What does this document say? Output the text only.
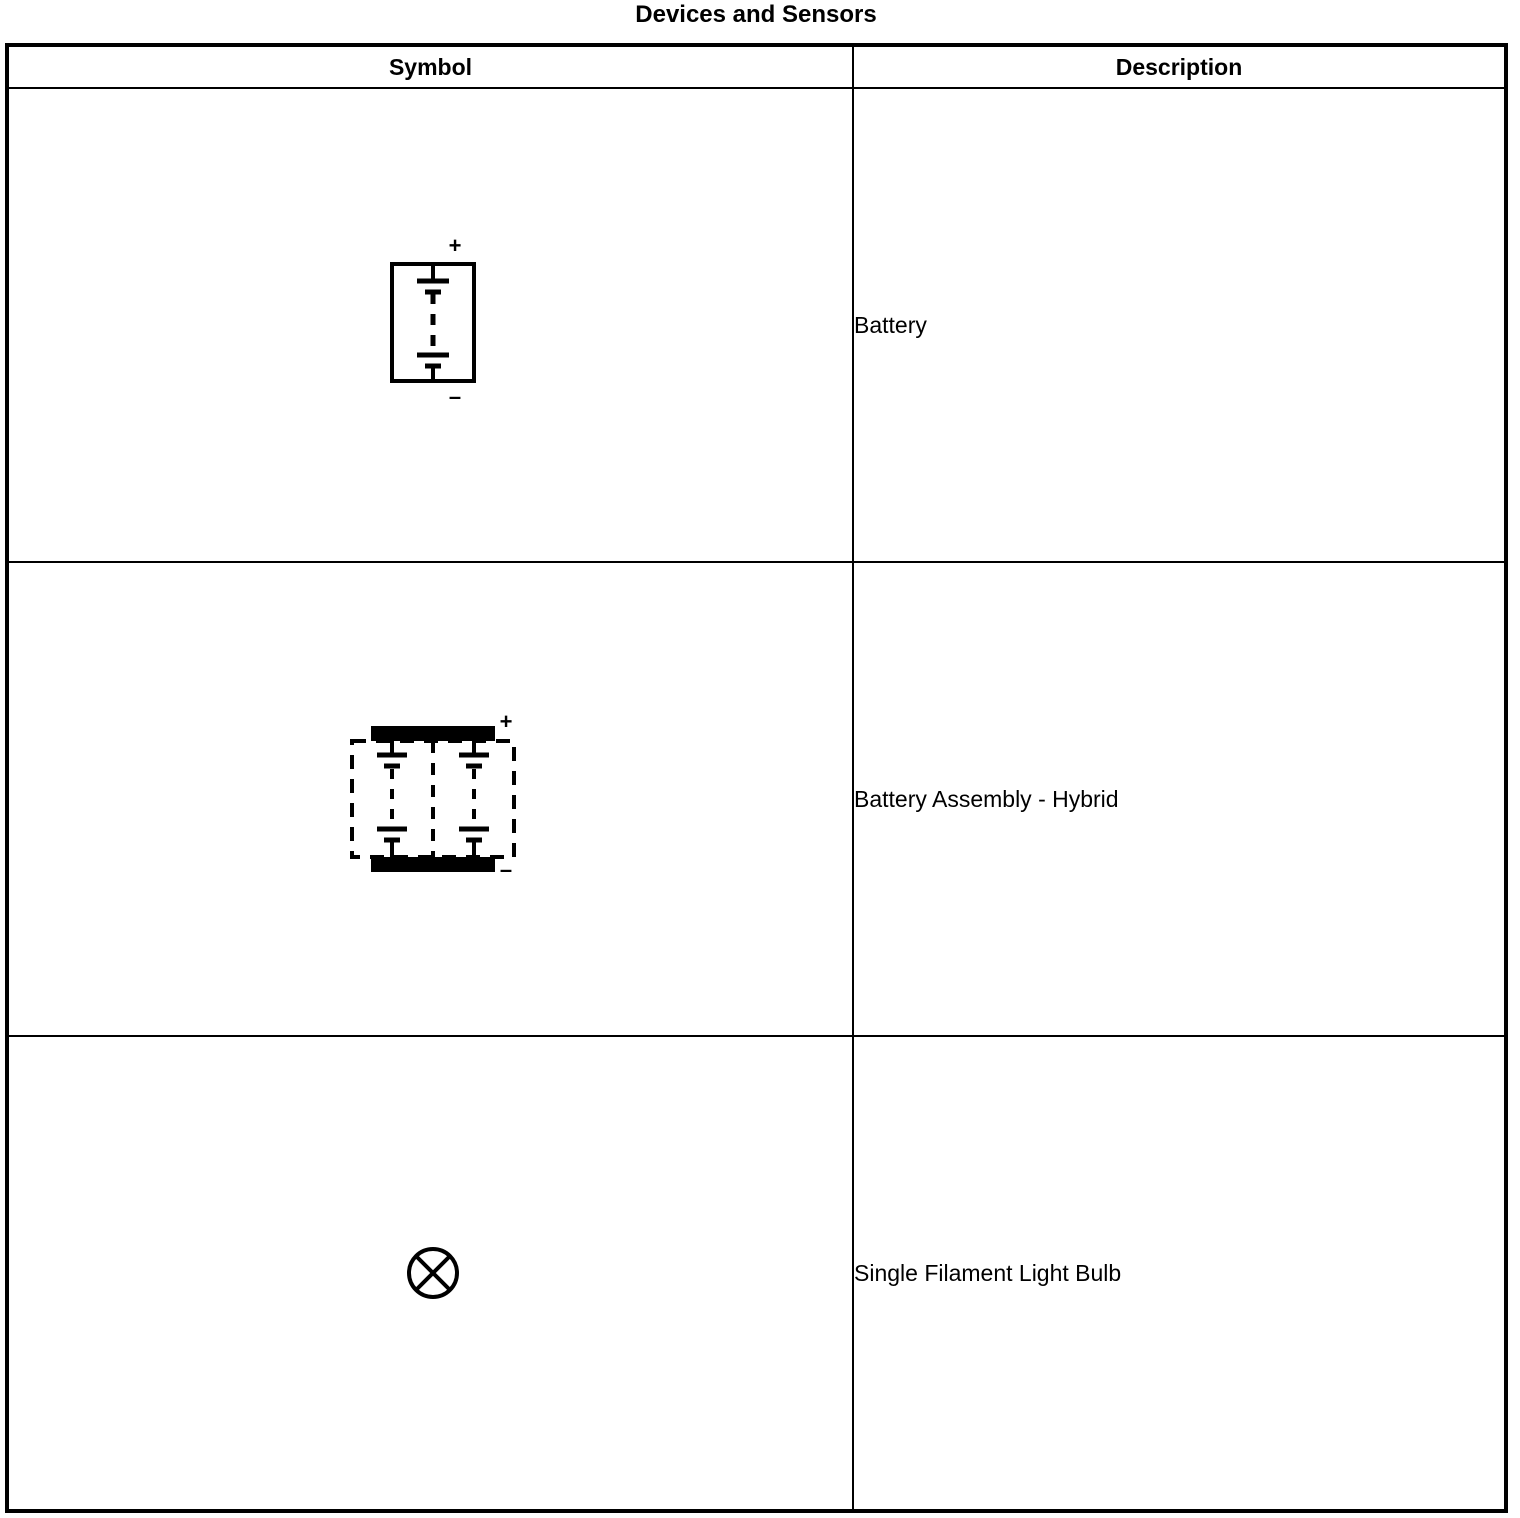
Devices and Sensors
Symbol	Description

+
–	Battery

+
–	Battery Assembly - Hybrid

	Single Filament Light Bulb
